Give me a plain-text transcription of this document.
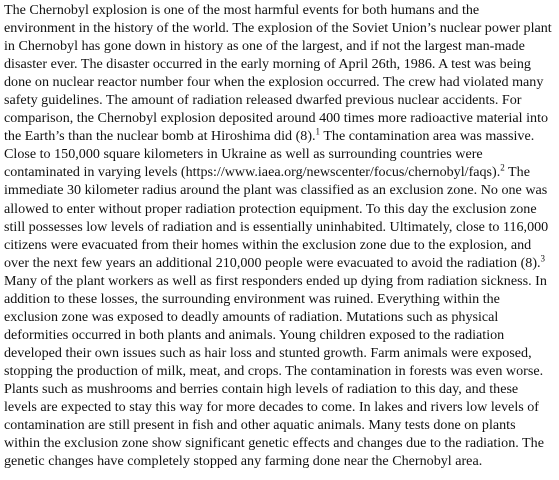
The Chernobyl explosion is one of the most harmful events for both humans and the
environment in the history of the world. The explosion of the Soviet Union’s nuclear power plant
in Chernobyl has gone down in history as one of the largest, and if not the largest man-made
disaster ever. The disaster occurred in the early morning of April 26th, 1986. A test was being
done on nuclear reactor number four when the explosion occurred. The crew had violated many
safety guidelines. The amount of radiation released dwarfed previous nuclear accidents. For
comparison, the Chernobyl explosion deposited around 400 times more radioactive material into
the Earth’s than the nuclear bomb at Hiroshima did (8).$^1$ The contamination area was massive.
Close to 150,000 square kilometers in Ukraine as well as surrounding countries were
contaminated in varying levels (https://www.iaea.org/newscenter/focus/chernobyl/faqs).$^2$ The
immediate 30 kilometer radius around the plant was classified as an exclusion zone. No one was
allowed to enter without proper radiation protection equipment. To this day the exclusion zone
still possesses low levels of radiation and is essentially uninhabited. Ultimately, close to 116,000
citizens were evacuated from their homes within the exclusion zone due to the explosion, and
over the next few years an additional 210,000 people were evacuated to avoid the radiation (8).$^3$
Many of the plant workers as well as first responders ended up dying from radiation sickness. In
addition to these losses, the surrounding environment was ruined. Everything within the
exclusion zone was exposed to deadly amounts of radiation. Mutations such as physical
deformities occurred in both plants and animals. Young children exposed to the radiation
developed their own issues such as hair loss and stunted growth. Farm animals were exposed,
stopping the production of milk, meat, and crops. The contamination in forests was even worse.
Plants such as mushrooms and berries contain high levels of radiation to this day, and these
levels are expected to stay this way for more decades to come. In lakes and rivers low levels of
contamination are still present in fish and other aquatic animals. Many tests done on plants
within the exclusion zone show significant genetic effects and changes due to the radiation. The
genetic changes have completely stopped any farming done near the Chernobyl area.
